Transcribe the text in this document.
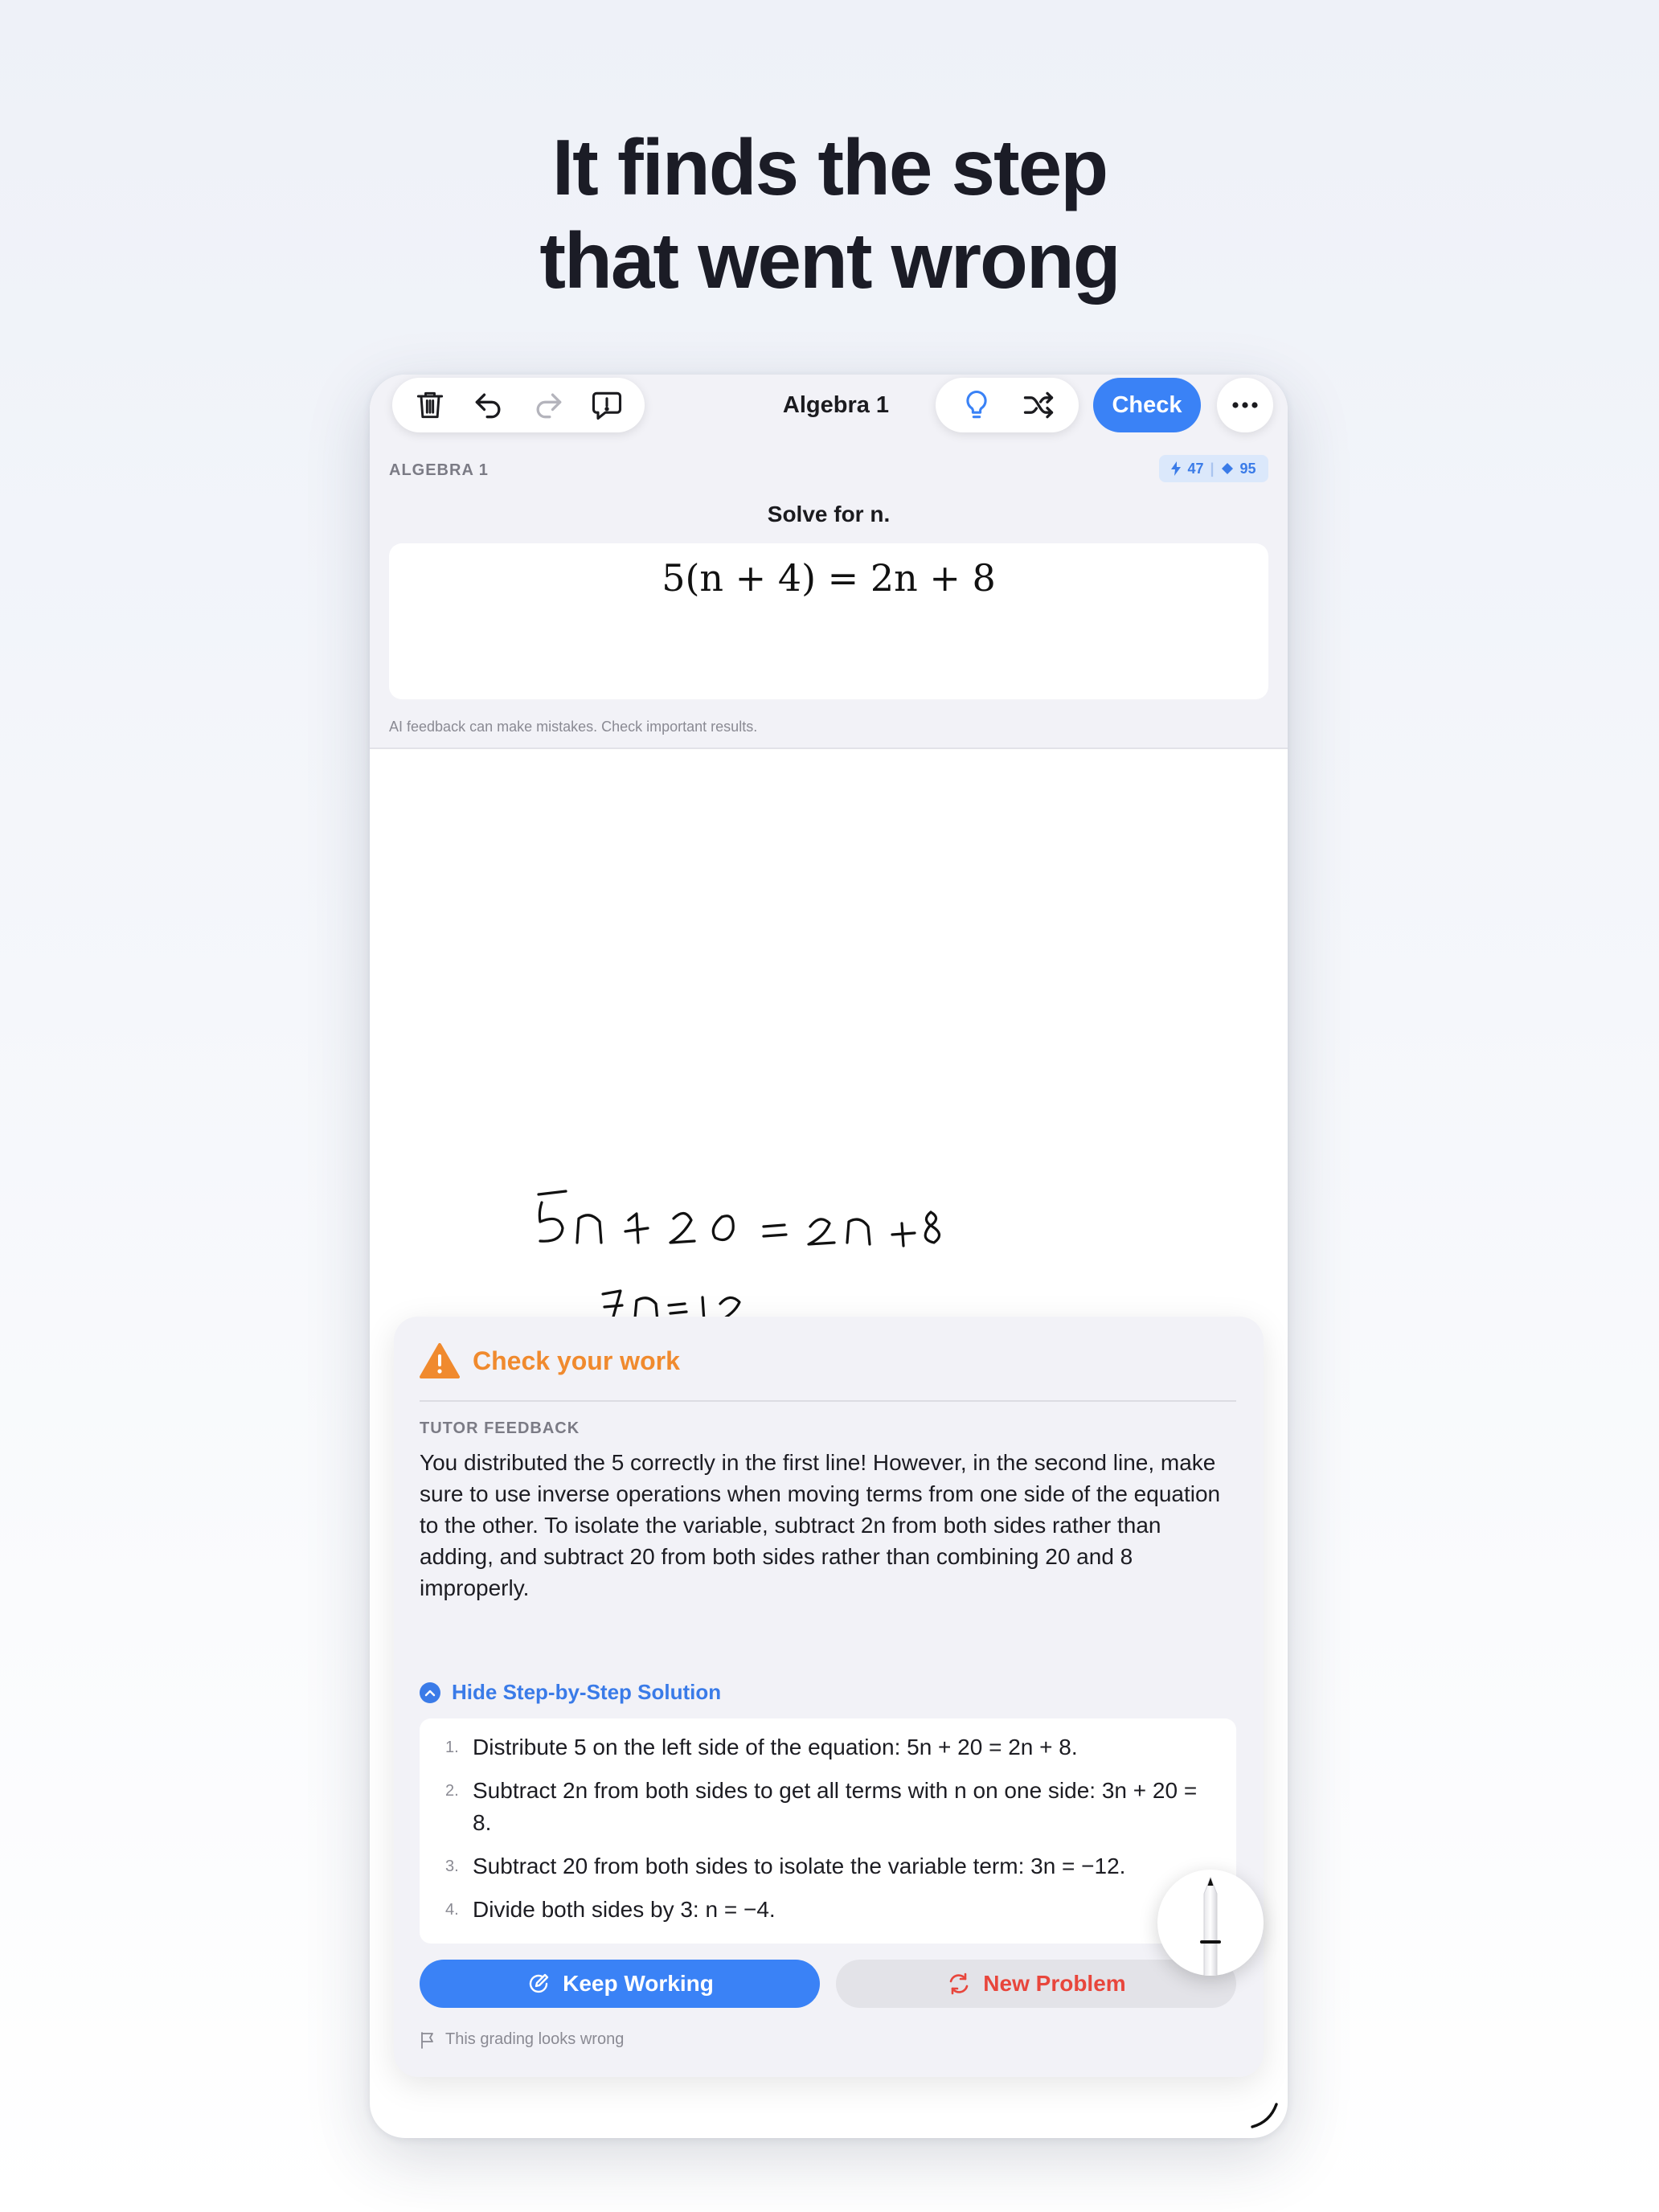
It finds the step
that went wrong
Algebra 1	Check
ALGEBRA 1	47 | 95
Solve for n.
5(n + 4) = 2n + 8
AI feedback can make mistakes. Check important results.
Check your work
TUTOR FEEDBACK
You distributed the 5 correctly in the first line! However, in the second line, make sure to use inverse operations when moving terms from one side of the equation to the other. To isolate the variable, subtract 2n from both sides rather than adding, and subtract 20 from both sides rather than combining 20 and 8 improperly.
Hide Step-by-Step Solution
1. Distribute 5 on the left side of the equation: 5n + 20 = 2n + 8.
2. Subtract 2n from both sides to get all terms with n on one side: 3n + 20 = 8.
3. Subtract 20 from both sides to isolate the variable term: 3n = −12.
4. Divide both sides by 3: n = −4.
Keep Working	New Problem
This grading looks wrong
